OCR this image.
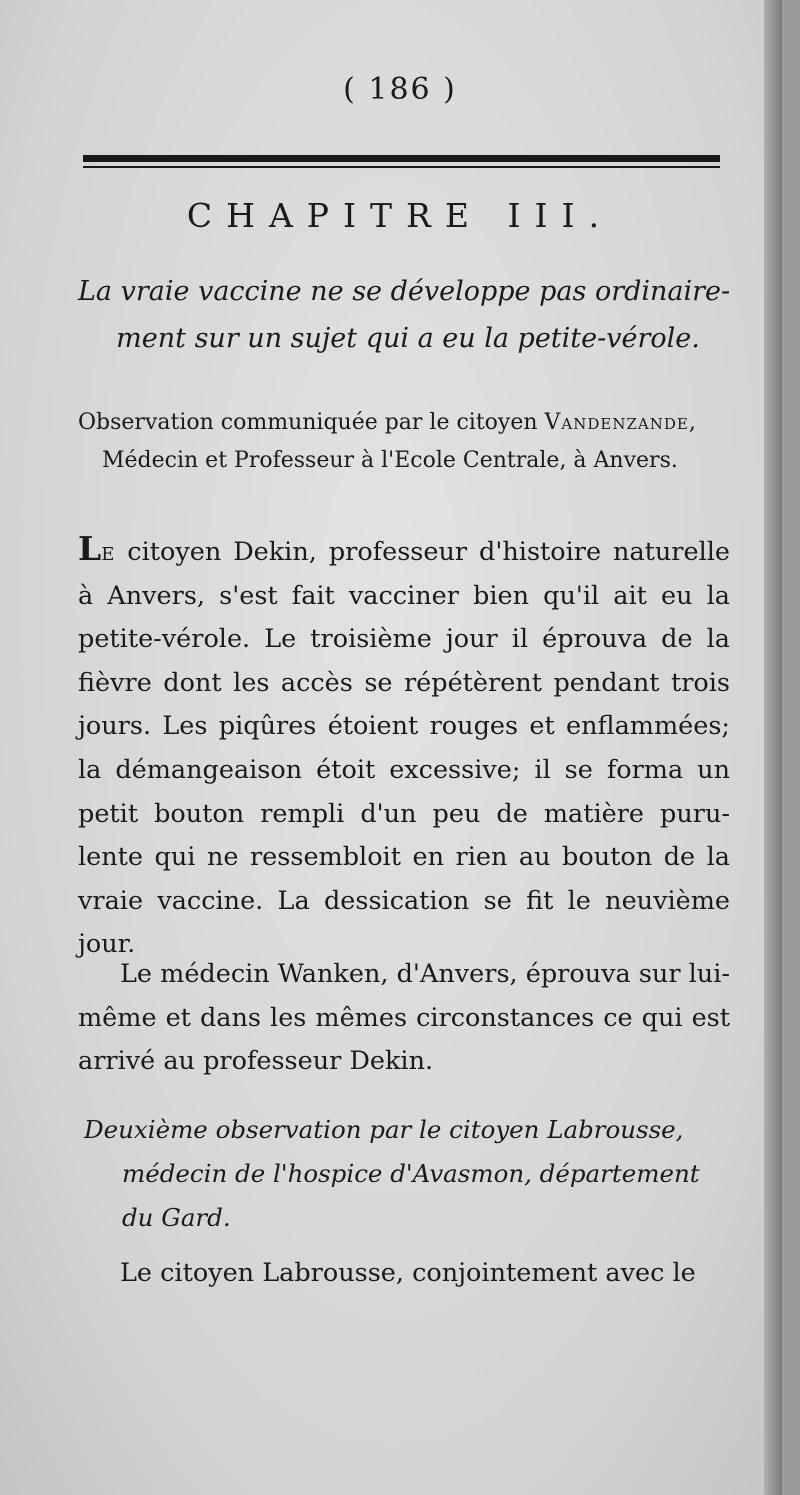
( 186 )
CHAPITRE III.
La vraie vaccine ne se développe pas ordinaire-
ment sur un sujet qui a eu la petite-vérole.
Observation communiquée par le citoyen Vandenzande,
Médecin et Professeur à l'Ecole Centrale, à Anvers.

Le citoyen Dekin, professeur d'histoire naturelle à Anvers, s'est fait vacciner bien qu'il ait eu la petite-vérole. Le troisième jour il éprouva de la fièvre dont les accès se répétèrent pendant trois jours. Les piqûres étoient rouges et enflammées; la démangeaison étoit excessive; il se forma un petit bouton rempli d'un peu de matière puru-lente qui ne ressembloit en rien au bouton de la vraie vaccine. La dessication se fit le neuvième jour.

Le médecin Wanken, d'Anvers, éprouva sur lui-même et dans les mêmes circonstances ce qui est arrivé au professeur Dekin.

Deuxième observation par le citoyen Labrousse,
médecin de l'hospice d'Avasmon, département
du Gard.
Le citoyen Labrousse, conjointement avec le
